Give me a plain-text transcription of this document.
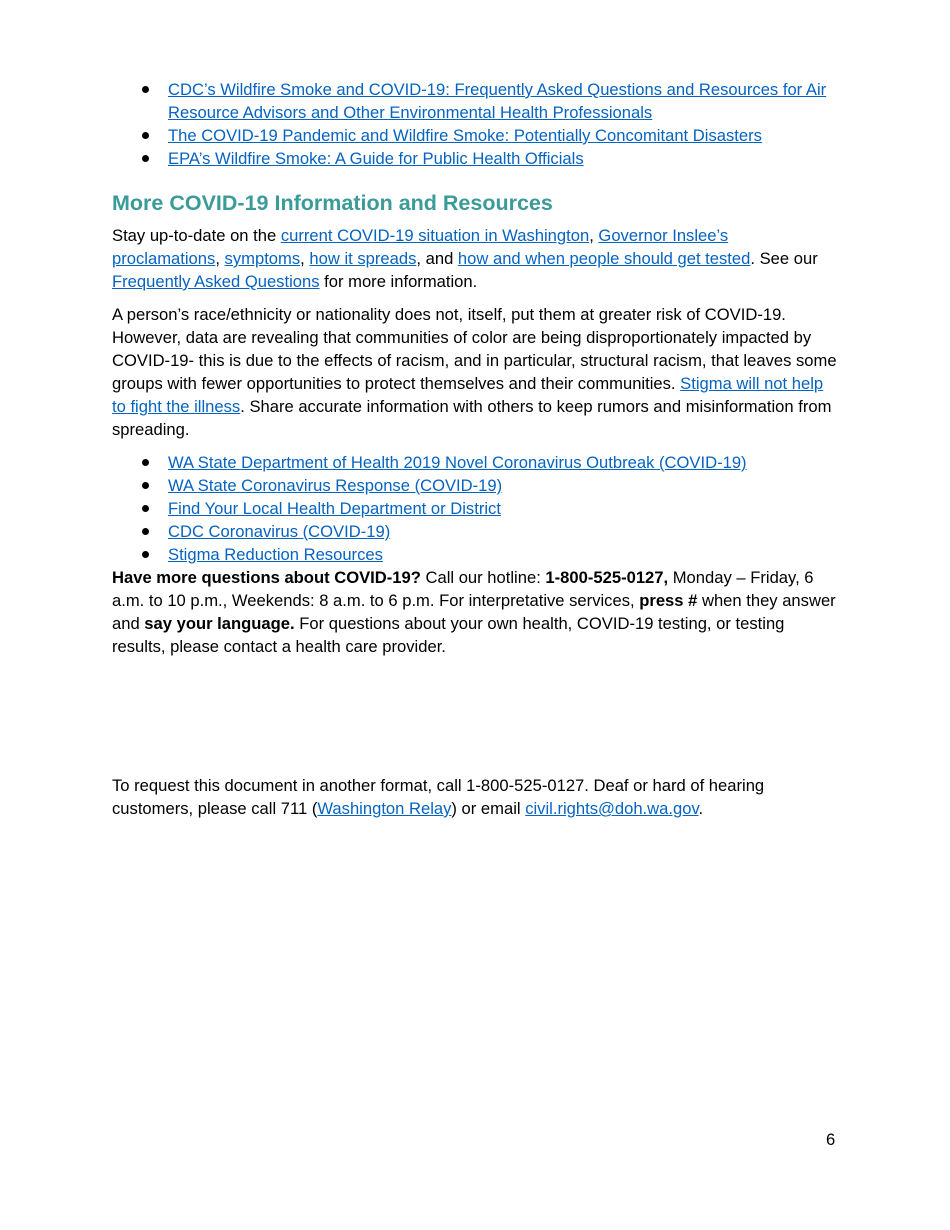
CDC’s Wildfire Smoke and COVID-19: Frequently Asked Questions and Resources for Air Resource Advisors and Other Environmental Health Professionals
The COVID-19 Pandemic and Wildfire Smoke: Potentially Concomitant Disasters
EPA’s Wildfire Smoke: A Guide for Public Health Officials
More COVID-19 Information and Resources

Stay up-to-date on the current COVID-19 situation in Washington, Governor Inslee’s proclamations, symptoms, how it spreads, and how and when people should get tested. See our Frequently Asked Questions for more information.

A person’s race/ethnicity or nationality does not, itself, put them at greater risk of COVID-19. However, data are revealing that communities of color are being disproportionately impacted by COVID-19- this is due to the effects of racism, and in particular, structural racism, that leaves some groups with fewer opportunities to protect themselves and their communities. Stigma will not help to fight the illness. Share accurate information with others to keep rumors and misinformation from spreading.

WA State Department of Health 2019 Novel Coronavirus Outbreak (COVID-19)
WA State Coronavirus Response (COVID-19)
Find Your Local Health Department or District
CDC Coronavirus (COVID-19)
Stigma Reduction Resources

Have more questions about COVID-19? Call our hotline: 1-800-525-0127, Monday – Friday, 6 a.m. to 10 p.m., Weekends: 8 a.m. to 6 p.m. For interpretative services, press # when they answer and say your language. For questions about your own health, COVID-19 testing, or testing results, please contact a health care provider.

To request this document in another format, call 1-800-525-0127. Deaf or hard of hearing customers, please call 711 (Washington Relay) or email civil.rights@doh.wa.gov.

6
